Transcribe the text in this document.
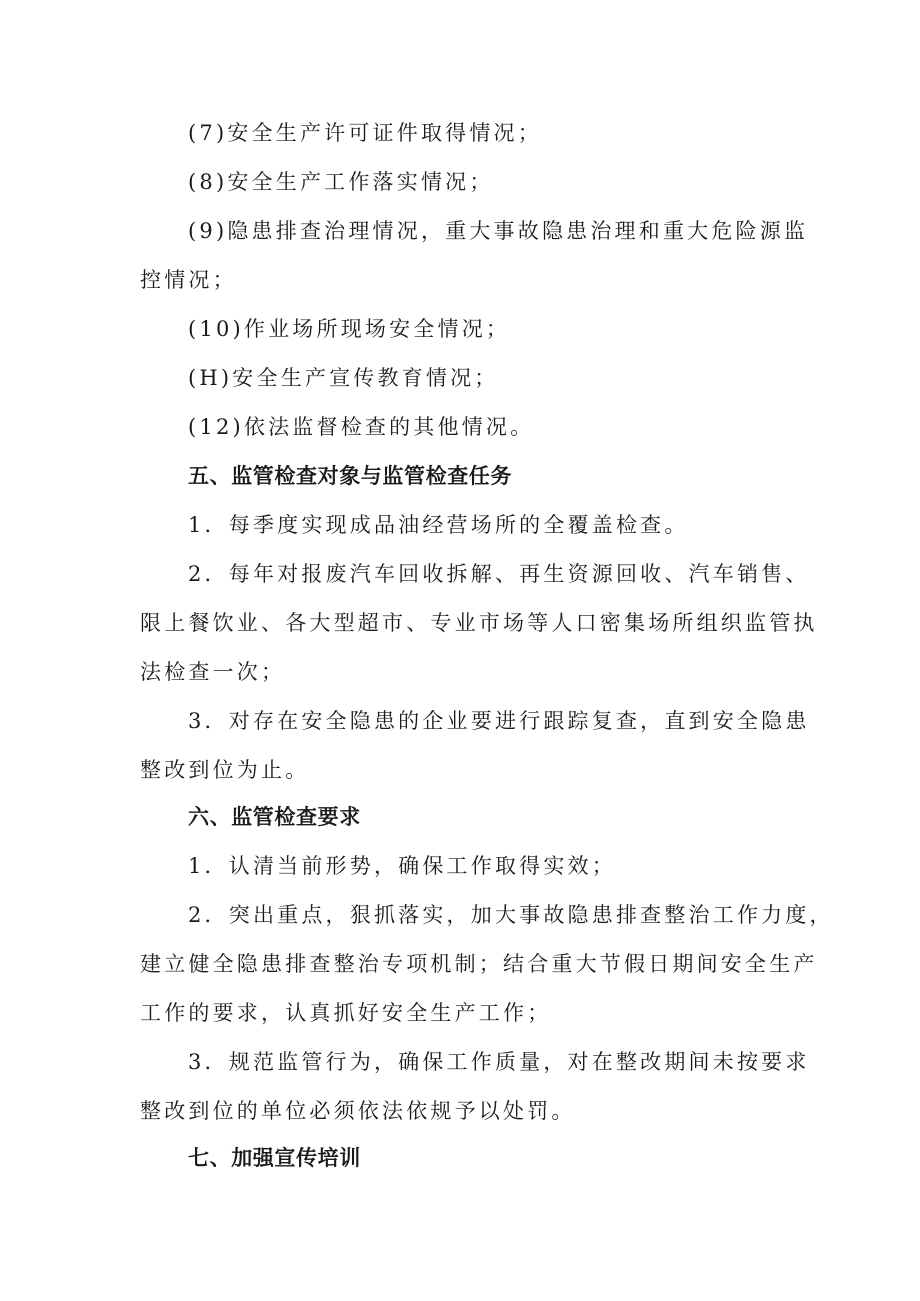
(7)安全生产许可证件取得情况；
(8)安全生产工作落实情况；
(9)隐患排查治理情况，重大事故隐患治理和重大危险源监
控情况；
(10)作业场所现场安全情况；
(H)安全生产宣传教育情况；
(12)依法监督检查的其他情况。
五、监管检查对象与监管检查任务
1．每季度实现成品油经营场所的全覆盖检查。
2．每年对报废汽车回收拆解、再生资源回收、汽车销售、
限上餐饮业、各大型超市、专业市场等人口密集场所组织监管执
法检查一次；
3．对存在安全隐患的企业要进行跟踪复查，直到安全隐患
整改到位为止。
六、监管检查要求
1．认清当前形势，确保工作取得实效；
2．突出重点，狠抓落实，加大事故隐患排查整治工作力度，
建立健全隐患排查整治专项机制；结合重大节假日期间安全生产
工作的要求，认真抓好安全生产工作；
3．规范监管行为，确保工作质量，对在整改期间未按要求
整改到位的单位必须依法依规予以处罚。
七、加强宣传培训
